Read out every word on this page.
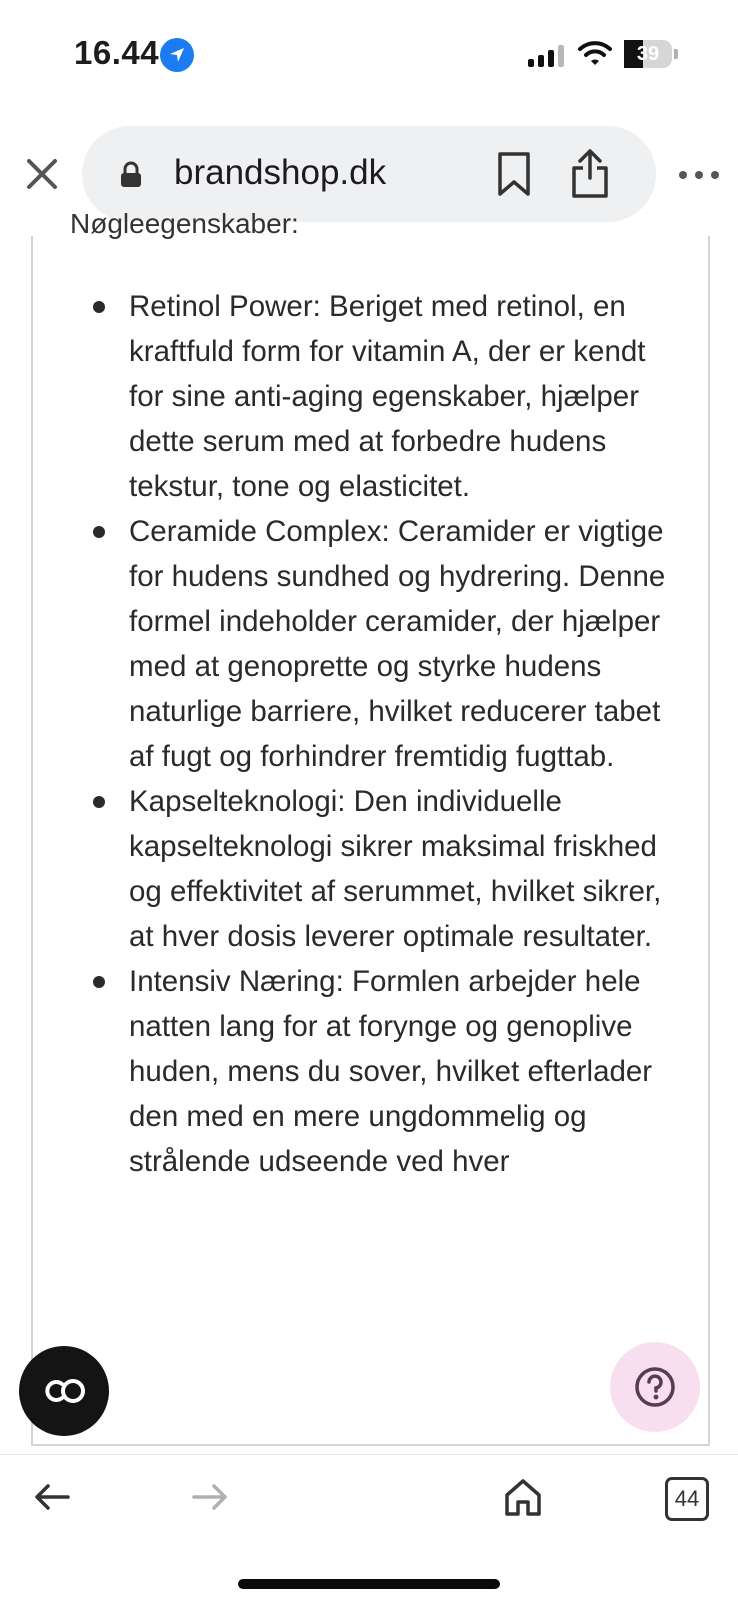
16.44	39
brandshop.dk
Nøgleegenskaber:
Retinol Power: Beriget med retinol, en kraftfuld form for vitamin A, der er kendt for sine anti-aging egenskaber, hjælper dette serum med at forbedre hudens tekstur, tone og elasticitet.
Ceramide Complex: Ceramider er vigtige for hudens sundhed og hydrering. Denne formel indeholder ceramider, der hjælper med at genoprette og styrke hudens naturlige barriere, hvilket reducerer tabet af fugt og forhindrer fremtidig fugttab.
Kapselteknologi: Den individuelle kapselteknologi sikrer maksimal friskhed og effektivitet af serummet, hvilket sikrer, at hver dosis leverer optimale resultater.
Intensiv Næring: Formlen arbejder hele natten lang for at forynge og genoplive huden, mens du sover, hvilket efterlader den med en mere ungdommelig og strålende udseende ved hver
44
